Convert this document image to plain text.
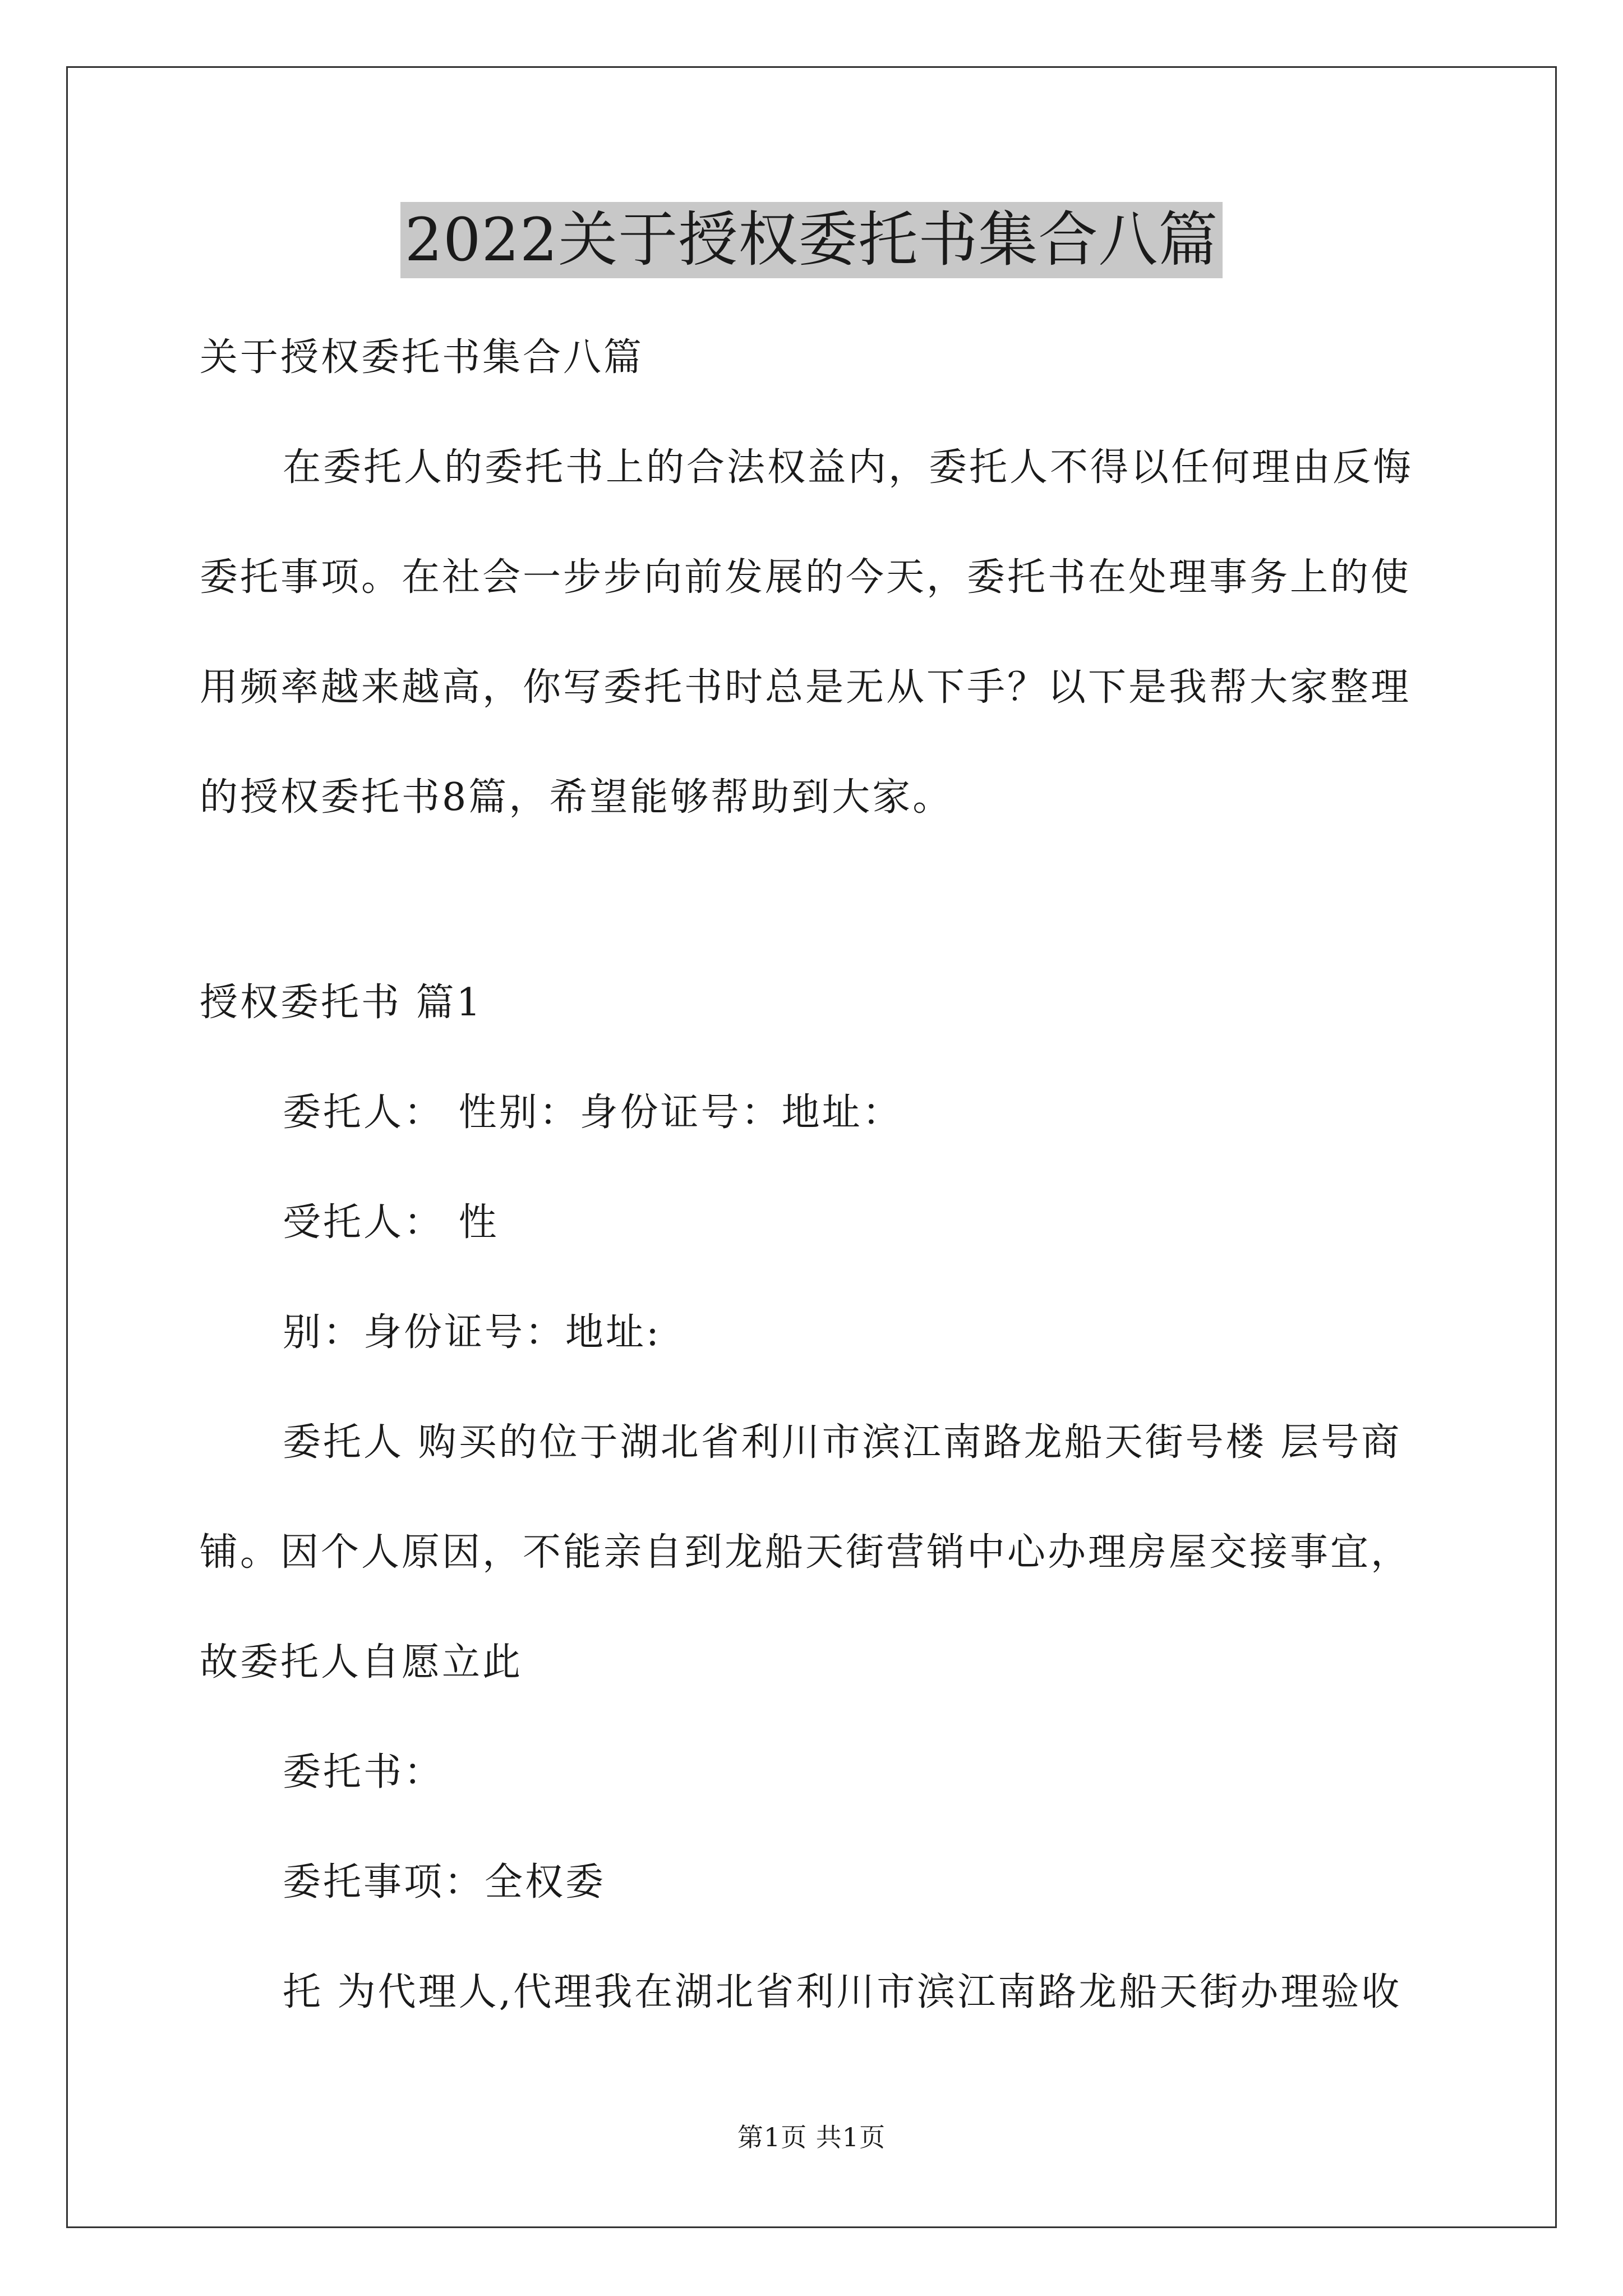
2022关于授权委托书集合八篇
关于授权委托书集合八篇
在委托人的委托书上的合法权益内，委托人不得以任何理由反悔
委托事项。在社会一步步向前发展的今天，委托书在处理事务上的使
用频率越来越高，你写委托书时总是无从下手？以下是我帮大家整理
的授权委托书8篇，希望能够帮助到大家。
授权委托书 篇1
委托人： 性别：身份证号：地址：
受托人： 性
别：身份证号：地址:
委托人 购买的位于湖北省利川市滨江南路龙船天街号楼 层号商
铺。因个人原因，不能亲自到龙船天街营销中心办理房屋交接事宜，
故委托人自愿立此
委托书：
委托事项：全权委
托 为代理人,代理我在湖北省利川市滨江南路龙船天街办理验收
第1页 共1页
